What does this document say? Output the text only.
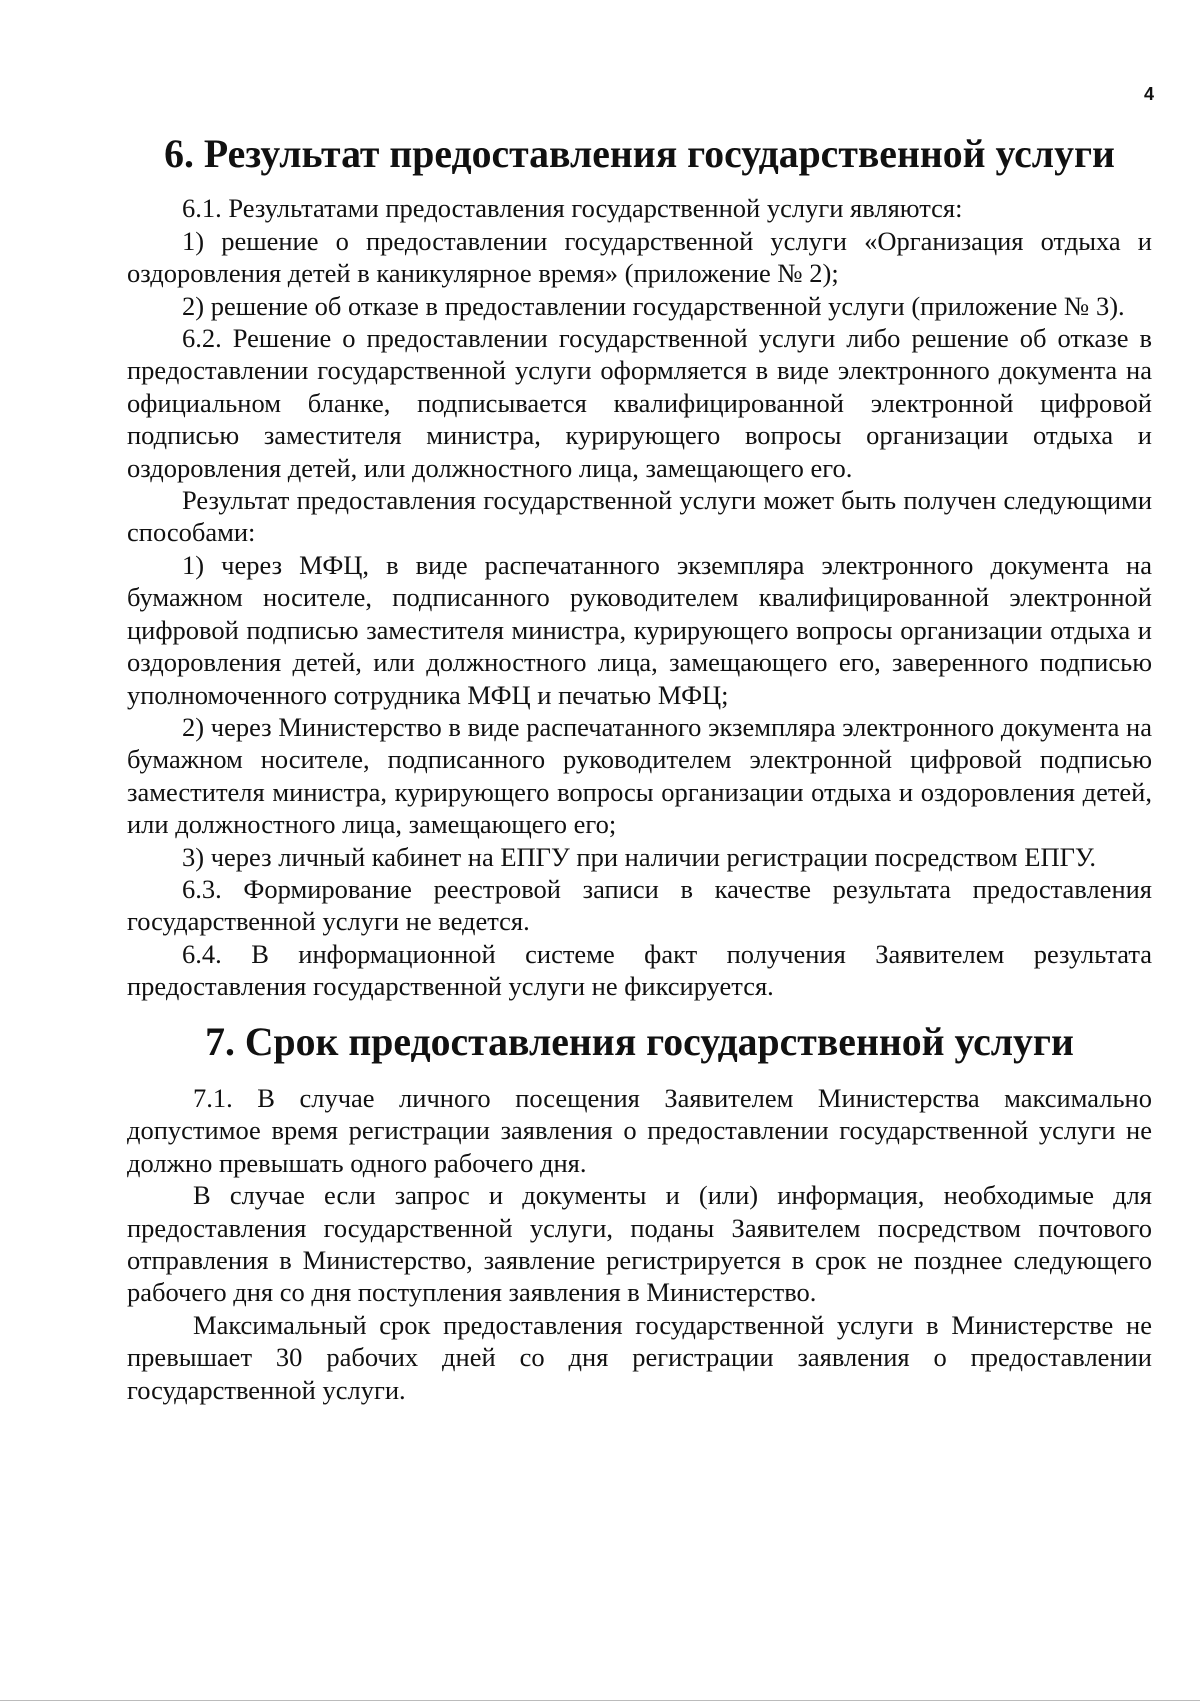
4
6. Результат предоставления государственной услуги

6.1. Результатами предоставления государственной услуги являются:

1) решение о предоставлении государственной услуги «Организация отдыха и оздоровления детей в каникулярное время» (приложение № 2);

2) решение об отказе в предоставлении государственной услуги (приложение № 3).

6.2. Решение о предоставлении государственной услуги либо решение об отказе в предоставлении государственной услуги оформляется в виде электронного документа на официальном бланке, подписывается квалифицированной электронной цифровой подписью заместителя министра, курирующего вопросы организации отдыха и оздоровления детей, или должностного лица, замещающего его.

Результат предоставления государственной услуги может быть получен следующими способами:

1) через МФЦ, в виде распечатанного экземпляра электронного документа на бумажном носителе, подписанного руководителем квалифицированной электронной цифровой подписью заместителя министра, курирующего вопросы организации отдыха и оздоровления детей, или должностного лица, замещающего его, заверенного подписью уполномоченного сотрудника МФЦ и печатью МФЦ;

2) через Министерство в виде распечатанного экземпляра электронного документа на бумажном носителе, подписанного руководителем электронной цифровой подписью заместителя министра, курирующего вопросы организации отдыха и оздоровления детей, или должностного лица, замещающего его;

3) через личный кабинет на ЕПГУ при наличии регистрации посредством ЕПГУ.

6.3. Формирование реестровой записи в качестве результата предоставления государственной услуги не ведется.

6.4. В информационной системе факт получения Заявителем результата предоставления государственной услуги не фиксируется.

7. Срок предоставления государственной услуги

7.1. В случае личного посещения Заявителем Министерства максимально допустимое время регистрации заявления о предоставлении государственной услуги не должно превышать одного рабочего дня.

В случае если запрос и документы и (или) информация, необходимые для предоставления государственной услуги, поданы Заявителем посредством почтового отправления в Министерство, заявление регистрируется в срок не позднее следующего рабочего дня со дня поступления заявления в Министерство.

Максимальный срок предоставления государственной услуги в Министерстве не превышает 30 рабочих дней со дня регистрации заявления о предоставлении государственной услуги.
